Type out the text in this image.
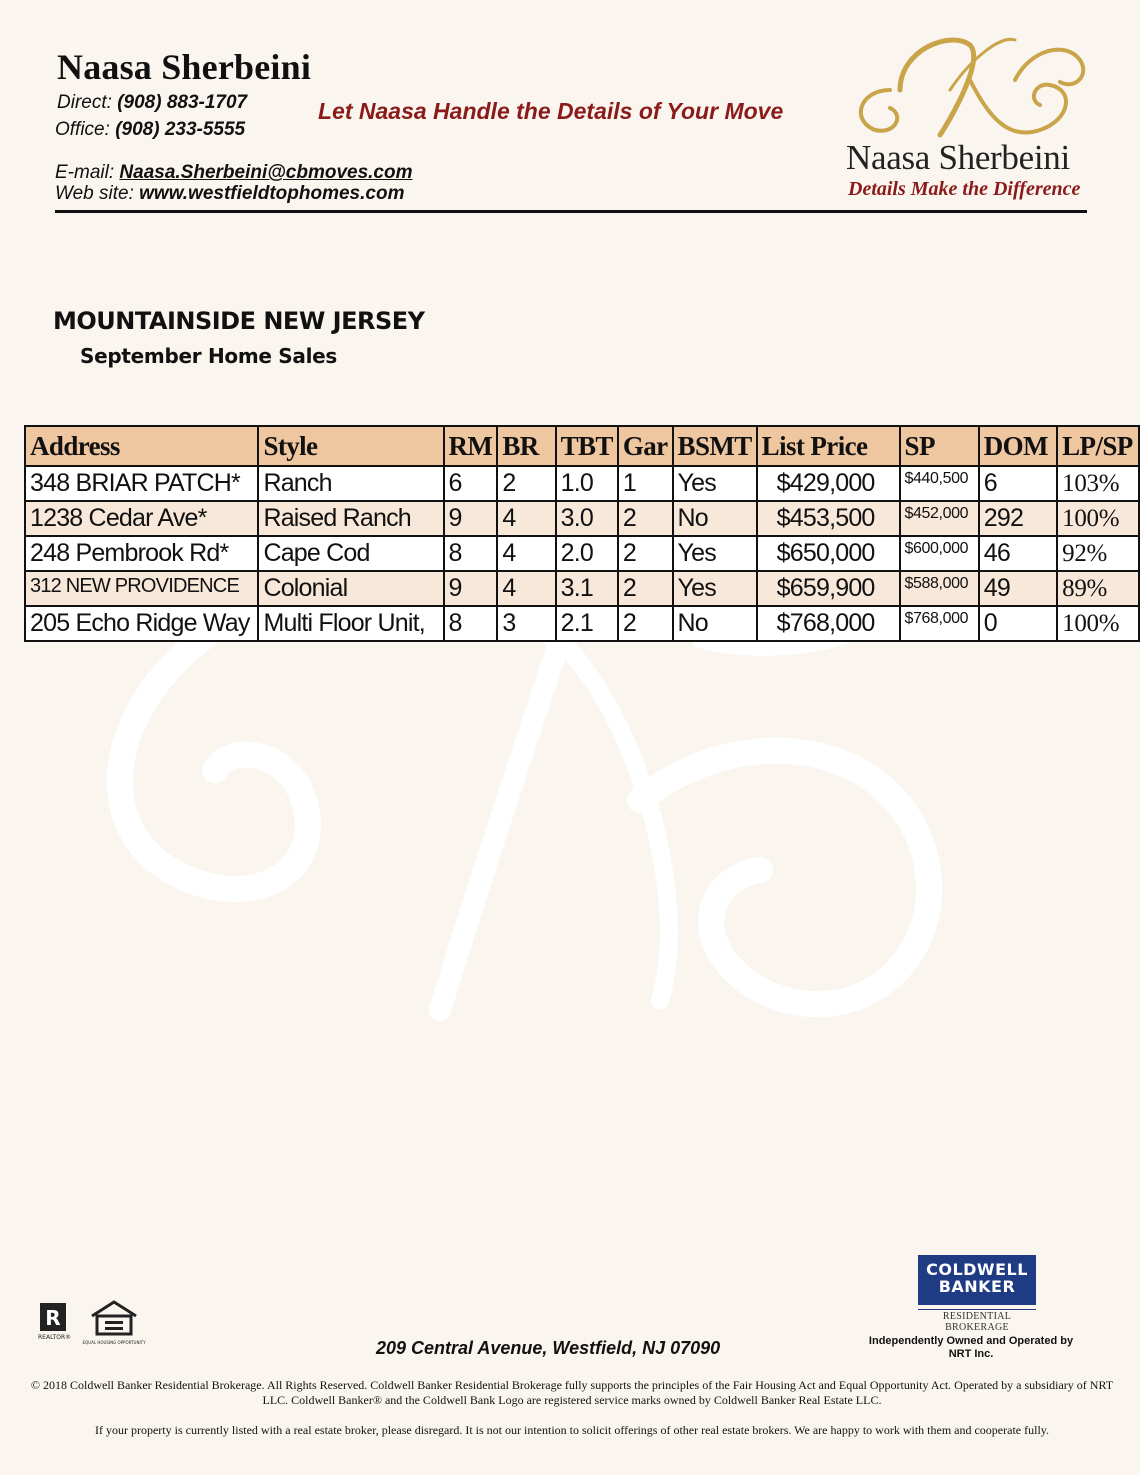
Naasa Sherbeini
Direct: (908) 883-1707
Office: (908) 233-5555
E-mail: Naasa.Sherbeini@cbmoves.com
Web site: www.westfieldtophomes.com
Let Naasa Handle the Details of Your Move
NS
Naasa Sherbeini
Details Make the Difference
MOUNTAINSIDE NEW JERSEY
September Home Sales
Address	Style	RM	BR	TBT	Gar	BSMT	List Price	SP	DOM	LP/SP
348 BRIAR PATCH*	Ranch	6	2	1.0	1	Yes	$429,000	$440,500	6	103%
1238 Cedar Ave*	Raised Ranch	9	4	3.0	2	No	$453,500	$452,000	292	100%
248 Pembrook Rd*	Cape Cod	8	4	2.0	2	Yes	$650,000	$600,000	46	92%
312 NEW PROVIDENCE	Colonial	9	4	3.1	2	Yes	$659,900	$588,000	49	89%
205 Echo Ridge Way	Multi Floor Unit,	8	3	2.1	2	No	$768,000	$768,000	0	100%
R
REALTOR®
EQUAL HOUSING OPPORTUNITY	209 Central Avenue, Westfield, NJ 07090
COLDWELL
BANKER
RESIDENTIAL BROKERAGE
Independently Owned and Operated by NRT Inc.
© 2018 Coldwell Banker Residential Brokerage. All Rights Reserved. Coldwell Banker Residential Brokerage fully supports the principles of the Fair Housing Act and Equal Opportunity Act. Operated by a subsidiary of NRT LLC. Coldwell Banker® and the Coldwell Bank Logo are registered service marks owned by Coldwell Banker Real Estate LLC.
If your property is currently listed with a real estate broker, please disregard. It is not our intention to solicit offerings of other real estate brokers. We are happy to work with them and cooperate fully.
